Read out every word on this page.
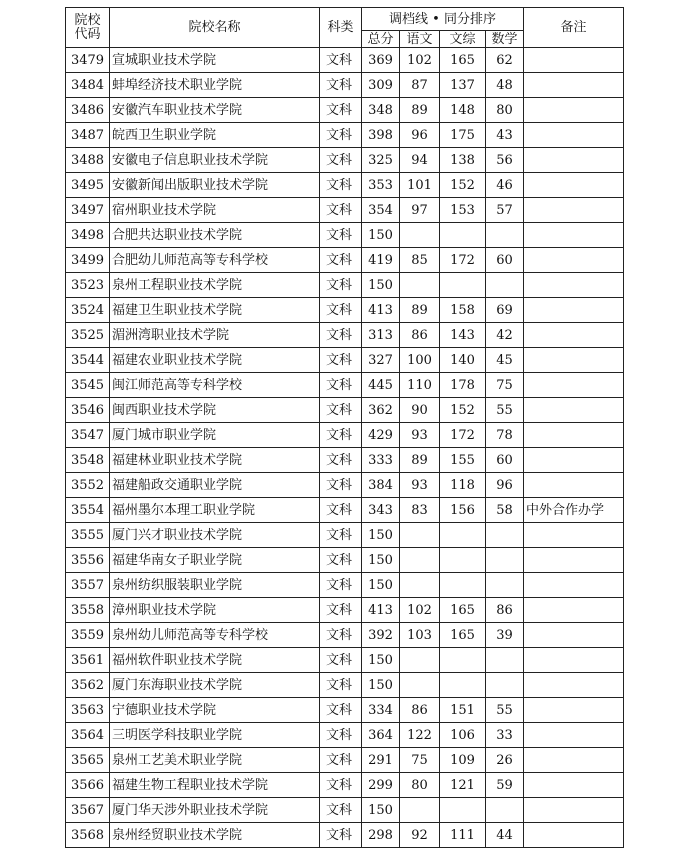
院校
代码	院校名称	科类	调档线 • 同分排序				备注
			总分	语文	文综	数学	
3479	宣城职业技术学院	文科	369	102	165	62	
3484	蚌埠经济技术职业学院	文科	309	87	137	48	
3486	安徽汽车职业技术学院	文科	348	89	148	80	
3487	皖西卫生职业学院	文科	398	96	175	43	
3488	安徽电子信息职业技术学院	文科	325	94	138	56	
3495	安徽新闻出版职业技术学院	文科	353	101	152	46	
3497	宿州职业技术学院	文科	354	97	153	57	
3498	合肥共达职业技术学院	文科	150				
3499	合肥幼儿师范高等专科学校	文科	419	85	172	60	
3523	泉州工程职业技术学院	文科	150				
3524	福建卫生职业技术学院	文科	413	89	158	69	
3525	湄洲湾职业技术学院	文科	313	86	143	42	
3544	福建农业职业技术学院	文科	327	100	140	45	
3545	闽江师范高等专科学校	文科	445	110	178	75	
3546	闽西职业技术学院	文科	362	90	152	55	
3547	厦门城市职业学院	文科	429	93	172	78	
3548	福建林业职业技术学院	文科	333	89	155	60	
3552	福建船政交通职业学院	文科	384	93	118	96	
3554	福州墨尔本理工职业学院	文科	343	83	156	58	中外合作办学
3555	厦门兴才职业技术学院	文科	150				
3556	福建华南女子职业学院	文科	150				
3557	泉州纺织服装职业学院	文科	150				
3558	漳州职业技术学院	文科	413	102	165	86	
3559	泉州幼儿师范高等专科学校	文科	392	103	165	39	
3561	福州软件职业技术学院	文科	150				
3562	厦门东海职业技术学院	文科	150				
3563	宁德职业技术学院	文科	334	86	151	55	
3564	三明医学科技职业学院	文科	364	122	106	33	
3565	泉州工艺美术职业学院	文科	291	75	109	26	
3566	福建生物工程职业技术学院	文科	299	80	121	59	
3567	厦门华天涉外职业技术学院	文科	150				
3568	泉州经贸职业技术学院	文科	298	92	111	44	
